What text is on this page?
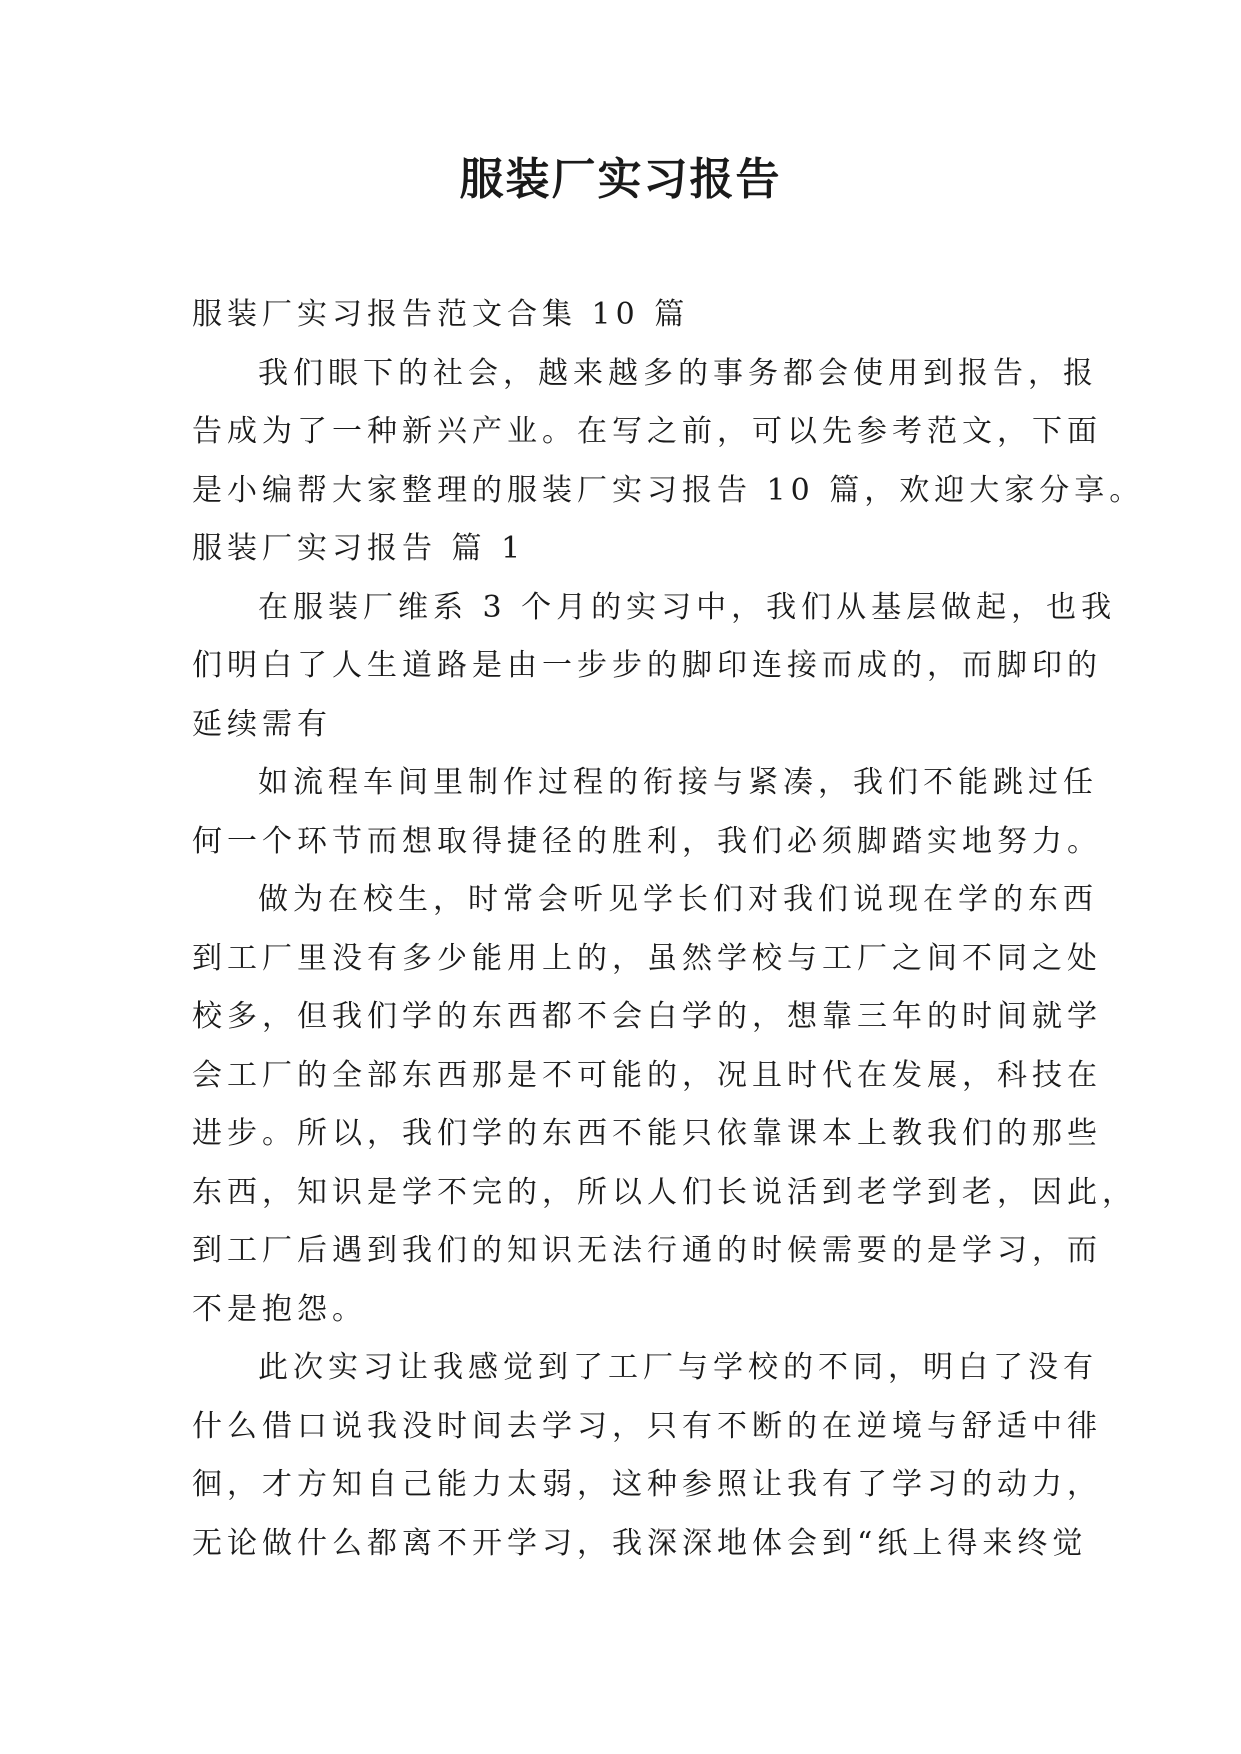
服装厂实习报告
服装厂实习报告范文合集 10 篇
我们眼下的社会，越来越多的事务都会使用到报告，报
告成为了一种新兴产业。在写之前，可以先参考范文，下面
是小编帮大家整理的服装厂实习报告 10 篇，欢迎大家分享。
服装厂实习报告 篇 1
在服装厂维系 3 个月的实习中，我们从基层做起，也我
们明白了人生道路是由一步步的脚印连接而成的，而脚印的
延续需有
如流程车间里制作过程的衔接与紧凑，我们不能跳过任
何一个环节而想取得捷径的胜利，我们必须脚踏实地努力。
做为在校生，时常会听见学长们对我们说现在学的东西
到工厂里没有多少能用上的，虽然学校与工厂之间不同之处
校多，但我们学的东西都不会白学的，想靠三年的时间就学
会工厂的全部东西那是不可能的，况且时代在发展，科技在
进步。所以，我们学的东西不能只依靠课本上教我们的那些
东西，知识是学不完的，所以人们长说活到老学到老，因此，
到工厂后遇到我们的知识无法行通的时候需要的是学习，而
不是抱怨。
此次实习让我感觉到了工厂与学校的不同，明白了没有
什么借口说我没时间去学习，只有不断的在逆境与舒适中徘
徊，才方知自己能力太弱，这种参照让我有了学习的动力，
无论做什么都离不开学习，我深深地体会到“纸上得来终觉
